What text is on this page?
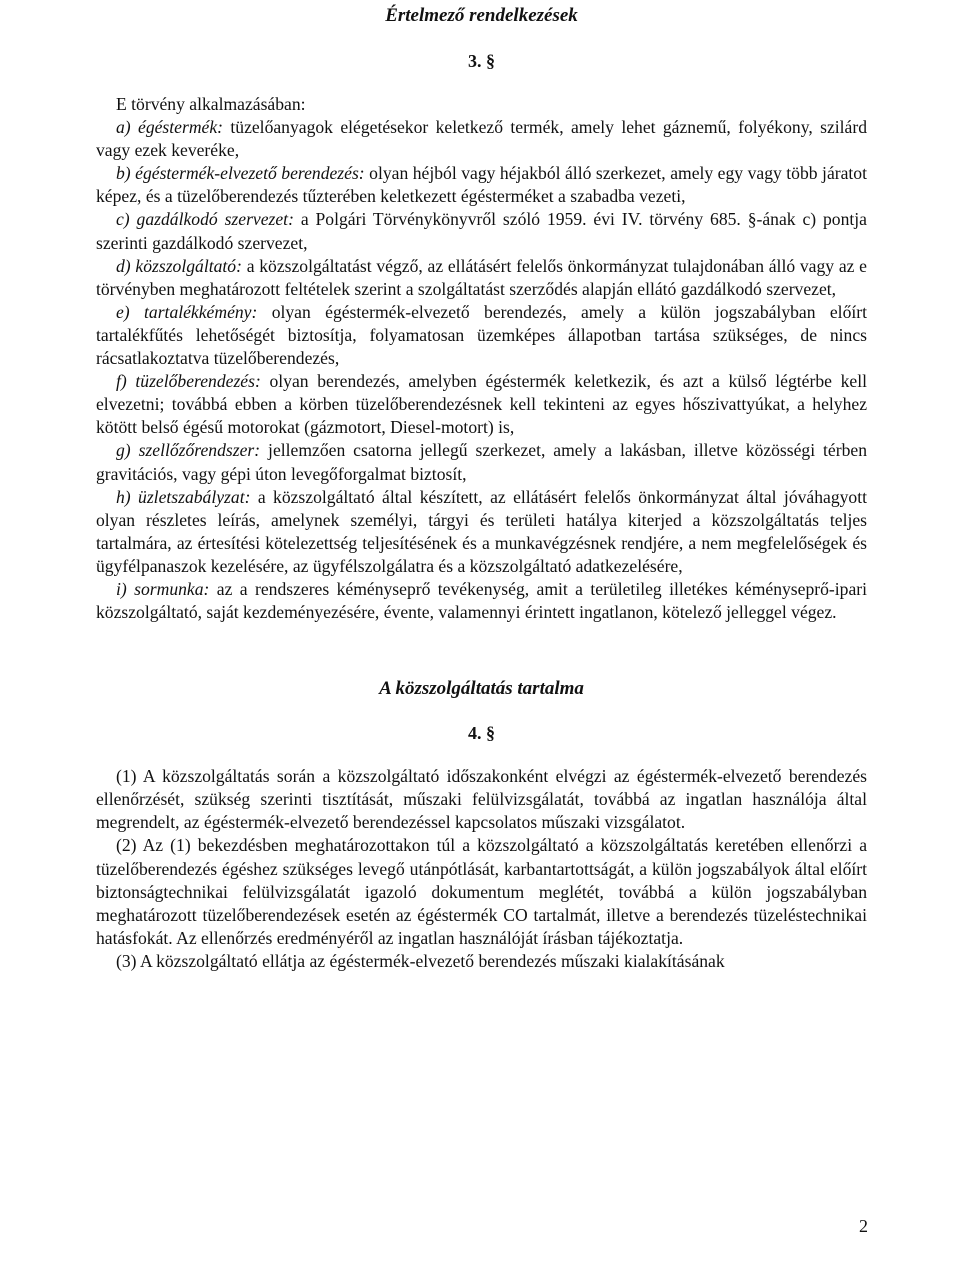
Értelmező rendelkezések
3. §

E törvény alkalmazásában:

a) égéstermék: tüzelőanyagok elégetésekor keletkező termék, amely lehet gáznemű, folyékony, szilárd vagy ezek keveréke,

b) égéstermék-elvezető berendezés: olyan héjból vagy héjakból álló szerkezet, amely egy vagy több járatot képez, és a tüzelőberendezés tűzterében keletkezett égésterméket a szabadba vezeti,

c) gazdálkodó szervezet: a Polgári Törvénykönyvről szóló 1959. évi IV. törvény 685. §-ának c) pontja szerinti gazdálkodó szervezet,

d) közszolgáltató: a közszolgáltatást végző, az ellátásért felelős önkormányzat tulajdonában álló vagy az e törvényben meghatározott feltételek szerint a szolgáltatást szerződés alapján ellátó gazdálkodó szervezet,

e) tartalékkémény: olyan égéstermék-elvezető berendezés, amely a külön jogszabályban előírt tartalékfűtés lehetőségét biztosítja, folyamatosan üzemképes állapotban tartása szükséges, de nincs rácsatlakoztatva tüzelőberendezés,

f) tüzelőberendezés: olyan berendezés, amelyben égéstermék keletkezik, és azt a külső légtérbe kell elvezetni; továbbá ebben a körben tüzelőberendezésnek kell tekinteni az egyes hőszivattyúkat, a helyhez kötött belső égésű motorokat (gázmotort, Diesel-motort) is,

g) szellőzőrendszer: jellemzően csatorna jellegű szerkezet, amely a lakásban, illetve közösségi térben gravitációs, vagy gépi úton levegőforgalmat biztosít,

h) üzletszabályzat: a közszolgáltató által készített, az ellátásért felelős önkormányzat által jóváhagyott olyan részletes leírás, amelynek személyi, tárgyi és területi hatálya kiterjed a közszolgáltatás teljes tartalmára, az értesítési kötelezettség teljesítésének és a munkavégzésnek rendjére, a nem megfelelőségek és ügyfélpanaszok kezelésére, az ügyfélszolgálatra és a közszolgáltató adatkezelésére,

i) sormunka: az a rendszeres kéményseprő tevékenység, amit a területileg illetékes kéményseprő-ipari közszolgáltató, saját kezdeményezésére, évente, valamennyi érintett ingatlanon, kötelező jelleggel végez.

A közszolgáltatás tartalma
4. §

(1) A közszolgáltatás során a közszolgáltató időszakonként elvégzi az égéstermék-elvezető berendezés ellenőrzését, szükség szerinti tisztítását, műszaki felülvizsgálatát, továbbá az ingatlan használója által megrendelt, az égéstermék-elvezető berendezéssel kapcsolatos műszaki vizsgálatot.

(2) Az (1) bekezdésben meghatározottakon túl a közszolgáltató a közszolgáltatás keretében ellenőrzi a tüzelőberendezés égéshez szükséges levegő utánpótlását, karbantartottságát, a külön jogszabályok által előírt biztonságtechnikai felülvizsgálatát igazoló dokumentum meglétét, továbbá a külön jogszabályban meghatározott tüzelőberendezések esetén az égéstermék CO tartalmát, illetve a berendezés tüzeléstechnikai hatásfokát. Az ellenőrzés eredményéről az ingatlan használóját írásban tájékoztatja.

(3) A közszolgáltató ellátja az égéstermék-elvezető berendezés műszaki kialakításának

2
